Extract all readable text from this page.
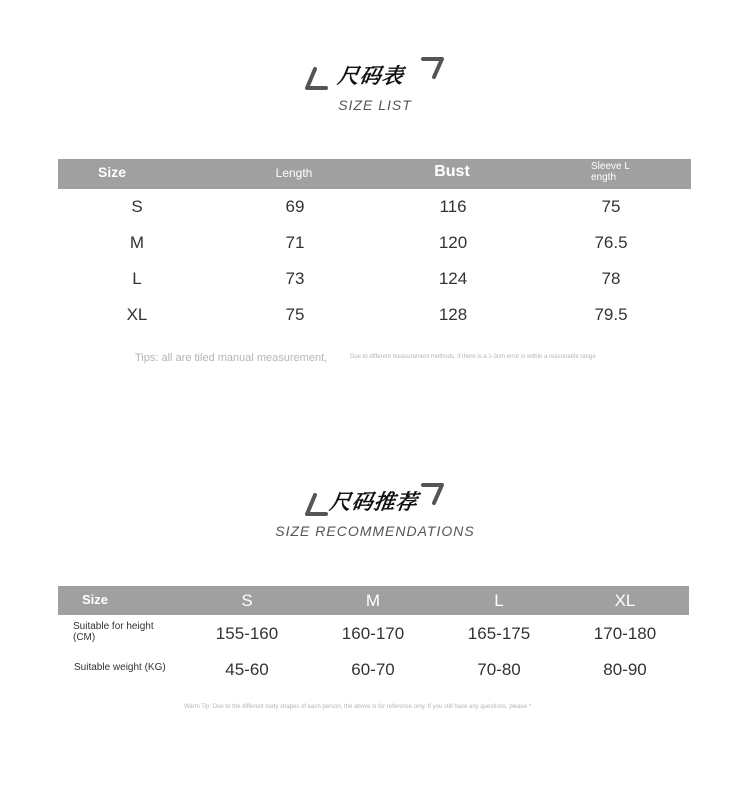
尺码表
SIZE LIST
Size	Length	Bust	Sleeve L ength
S	69	116	75
M	71	120	76.5
L	73	124	78
XL	75	128	79.5
Tips: all are tiled manual measurement,	Due to different measurement methods, if there is a 1-3cm error is within a reasonable range
尺码推荐
SIZE RECOMMENDATIONS
Size	S	M	L	XL
Suitable for height (CM)	155-160	160-170	165-175	170-180
Suitable weight (KG)	45-60	60-70	70-80	80-90
Warm Tip: Due to the different body shapes of each person, the above is for reference only. If you still have any questions, please *
